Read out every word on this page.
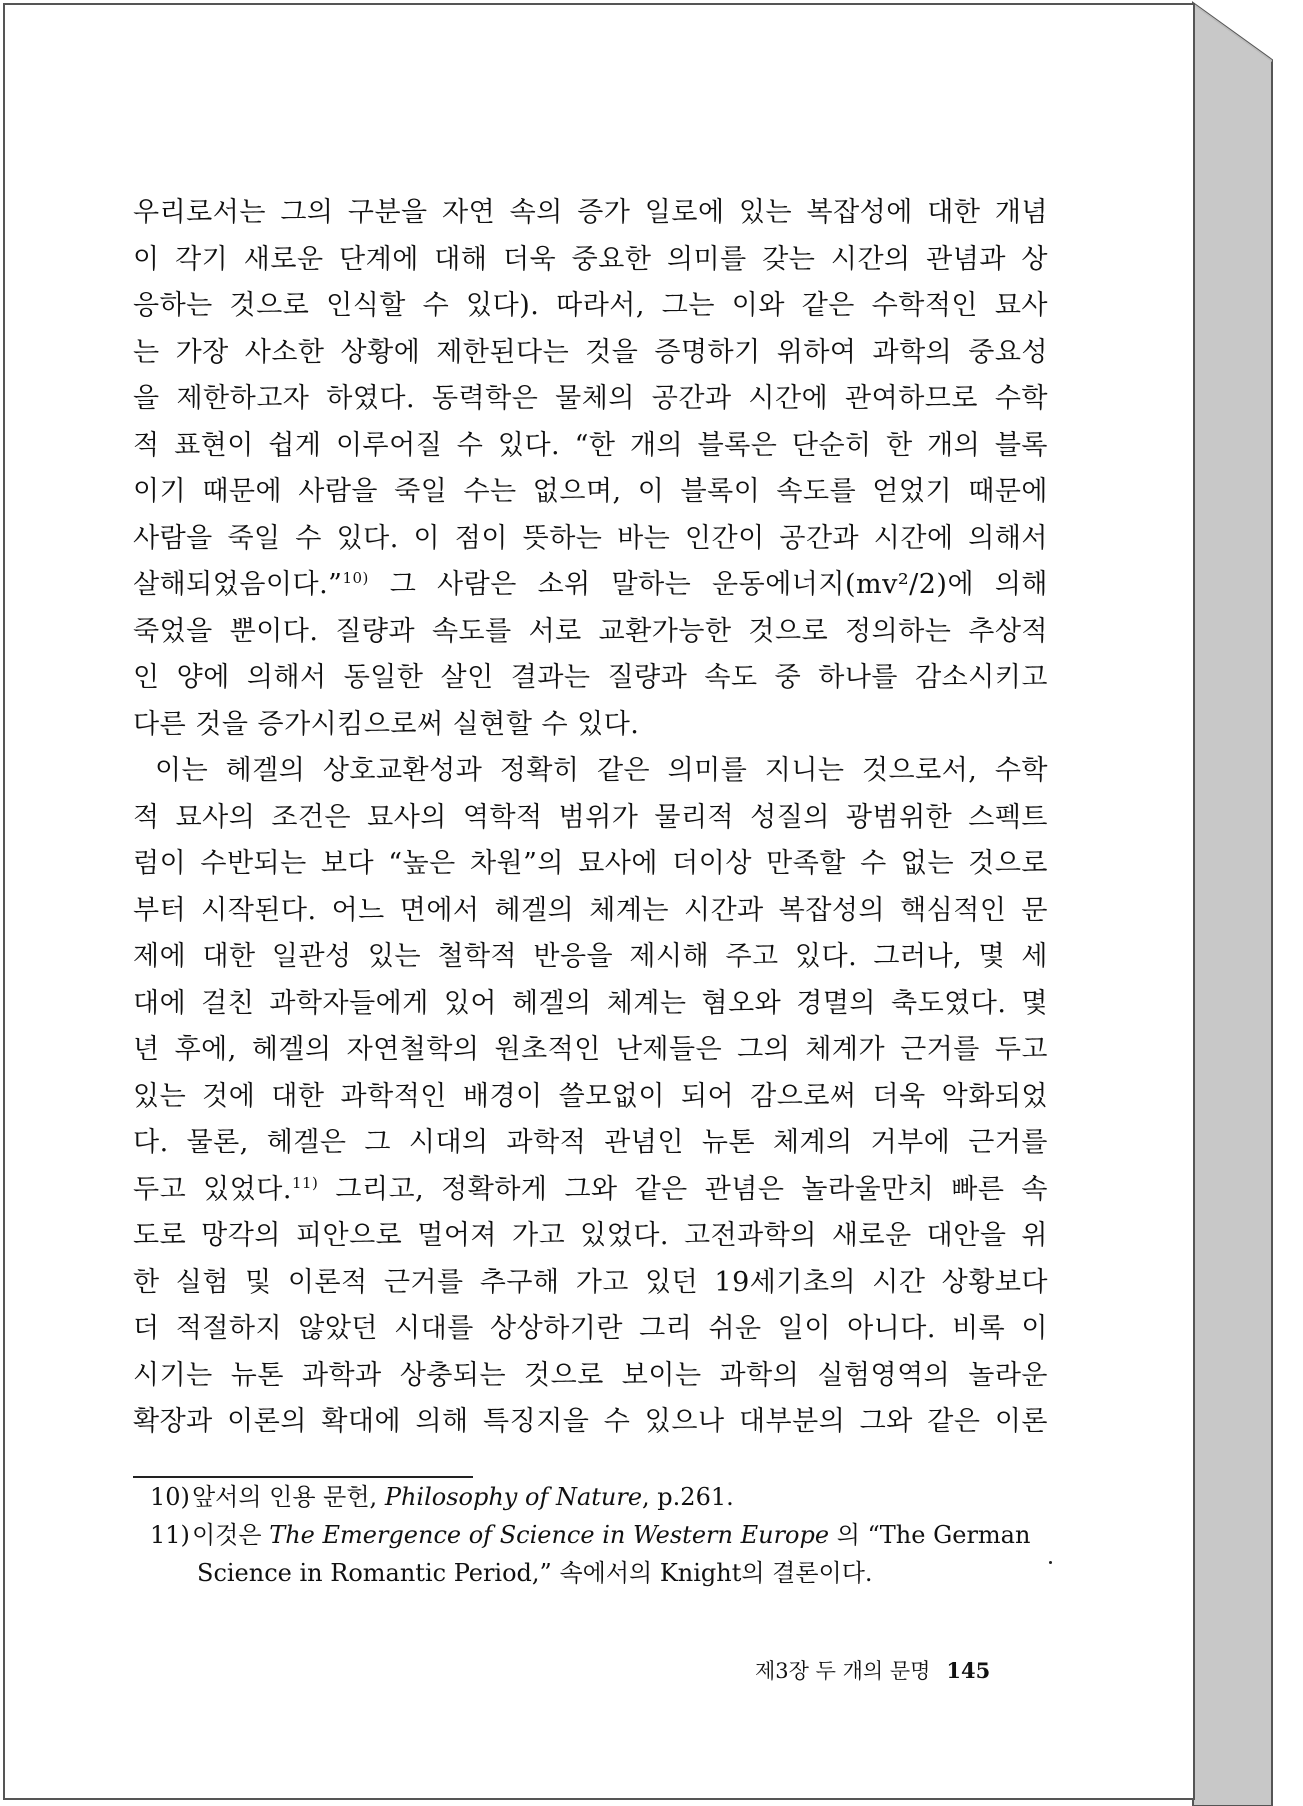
우리로서는 그의 구분을 자연 속의 증가 일로에 있는 복잡성에 대한 개념
이 각기 새로운 단계에 대해 더욱 중요한 의미를 갖는 시간의 관념과 상
응하는 것으로 인식할 수 있다). 따라서, 그는 이와 같은 수학적인 묘사
는 가장 사소한 상황에 제한된다는 것을 증명하기 위하여 과학의 중요성
을 제한하고자 하였다. 동력학은 물체의 공간과 시간에 관여하므로 수학
적 표현이 쉽게 이루어질 수 있다. “한 개의 블록은 단순히 한 개의 블록
이기 때문에 사람을 죽일 수는 없으며, 이 블록이 속도를 얻었기 때문에
사람을 죽일 수 있다. 이 점이 뜻하는 바는 인간이 공간과 시간에 의해서
살해되었음이다.”$^{10)}$ 그 사람은 소위 말하는 운동에너지(mv²/2)에 의해
죽었을 뿐이다. 질량과 속도를 서로 교환가능한 것으로 정의하는 추상적
인 양에 의해서 동일한 살인 결과는 질량과 속도 중 하나를 감소시키고
다른 것을 증가시킴으로써 실현할 수 있다.
이는 헤겔의 상호교환성과 정확히 같은 의미를 지니는 것으로서, 수학
적 묘사의 조건은 묘사의 역학적 범위가 물리적 성질의 광범위한 스펙트
럼이 수반되는 보다 “높은 차원”의 묘사에 더이상 만족할 수 없는 것으로
부터 시작된다. 어느 면에서 헤겔의 체계는 시간과 복잡성의 핵심적인 문
제에 대한 일관성 있는 철학적 반응을 제시해 주고 있다. 그러나, 몇 세
대에 걸친 과학자들에게 있어 헤겔의 체계는 혐오와 경멸의 축도였다. 몇
년 후에, 헤겔의 자연철학의 원초적인 난제들은 그의 체계가 근거를 두고
있는 것에 대한 과학적인 배경이 쓸모없이 되어 감으로써 더욱 악화되었
다. 물론, 헤겔은 그 시대의 과학적 관념인 뉴톤 체계의 거부에 근거를
두고 있었다.$^{11)}$ 그리고, 정확하게 그와 같은 관념은 놀라울만치 빠른 속
도로 망각의 피안으로 멀어져 가고 있었다. 고전과학의 새로운 대안을 위
한 실험 및 이론적 근거를 추구해 가고 있던 19세기초의 시간 상황보다
더 적절하지 않았던 시대를 상상하기란 그리 쉬운 일이 아니다. 비록 이
시기는 뉴톤 과학과 상충되는 것으로 보이는 과학의 실험영역의 놀라운
확장과 이론의 확대에 의해 특징지을 수 있으나 대부분의 그와 같은 이론
10)앞서의 인용 문헌, Philosophy of Nature, p.261.
11)이것은 The Emergence of Science in Western Europe 의 “The German
Science in Romantic Period,” 속에서의 Knight의 결론이다.
제3장 두 개의 문명 145
